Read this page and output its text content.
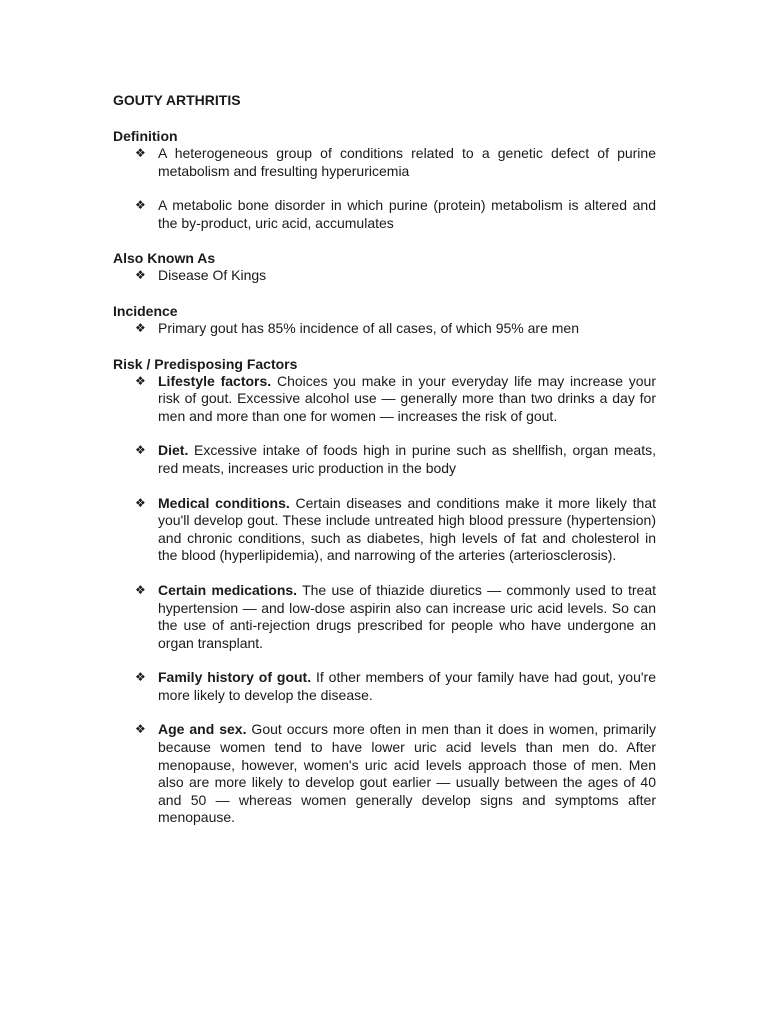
GOUTY ARTHRITIS
Definition
❖ A heterogeneous group of conditions related to a genetic defect of purine metabolism and fresulting hyperuricemia
❖ A metabolic bone disorder in which purine (protein) metabolism is altered and the by-product, uric acid, accumulates
Also Known As
❖ Disease Of Kings
Incidence
❖ Primary gout has 85% incidence of all cases, of which 95% are men
Risk / Predisposing Factors
❖ Lifestyle factors. Choices you make in your everyday life may increase your risk of gout. Excessive alcohol use — generally more than two drinks a day for men and more than one for women — increases the risk of gout.
❖ Diet. Excessive intake of foods high in purine such as shellfish, organ meats, red meats, increases uric production in the body
❖ Medical conditions. Certain diseases and conditions make it more likely that you'll develop gout. These include untreated high blood pressure (hypertension) and chronic conditions, such as diabetes, high levels of fat and cholesterol in the blood (hyperlipidemia), and narrowing of the arteries (arteriosclerosis).
❖ Certain medications. The use of thiazide diuretics — commonly used to treat hypertension — and low-dose aspirin also can increase uric acid levels. So can the use of anti-rejection drugs prescribed for people who have undergone an organ transplant.
❖ Family history of gout. If other members of your family have had gout, you're more likely to develop the disease.
❖ Age and sex. Gout occurs more often in men than it does in women, primarily because women tend to have lower uric acid levels than men do. After menopause, however, women's uric acid levels approach those of men. Men also are more likely to develop gout earlier — usually between the ages of 40 and 50 — whereas women generally develop signs and symptoms after menopause.
